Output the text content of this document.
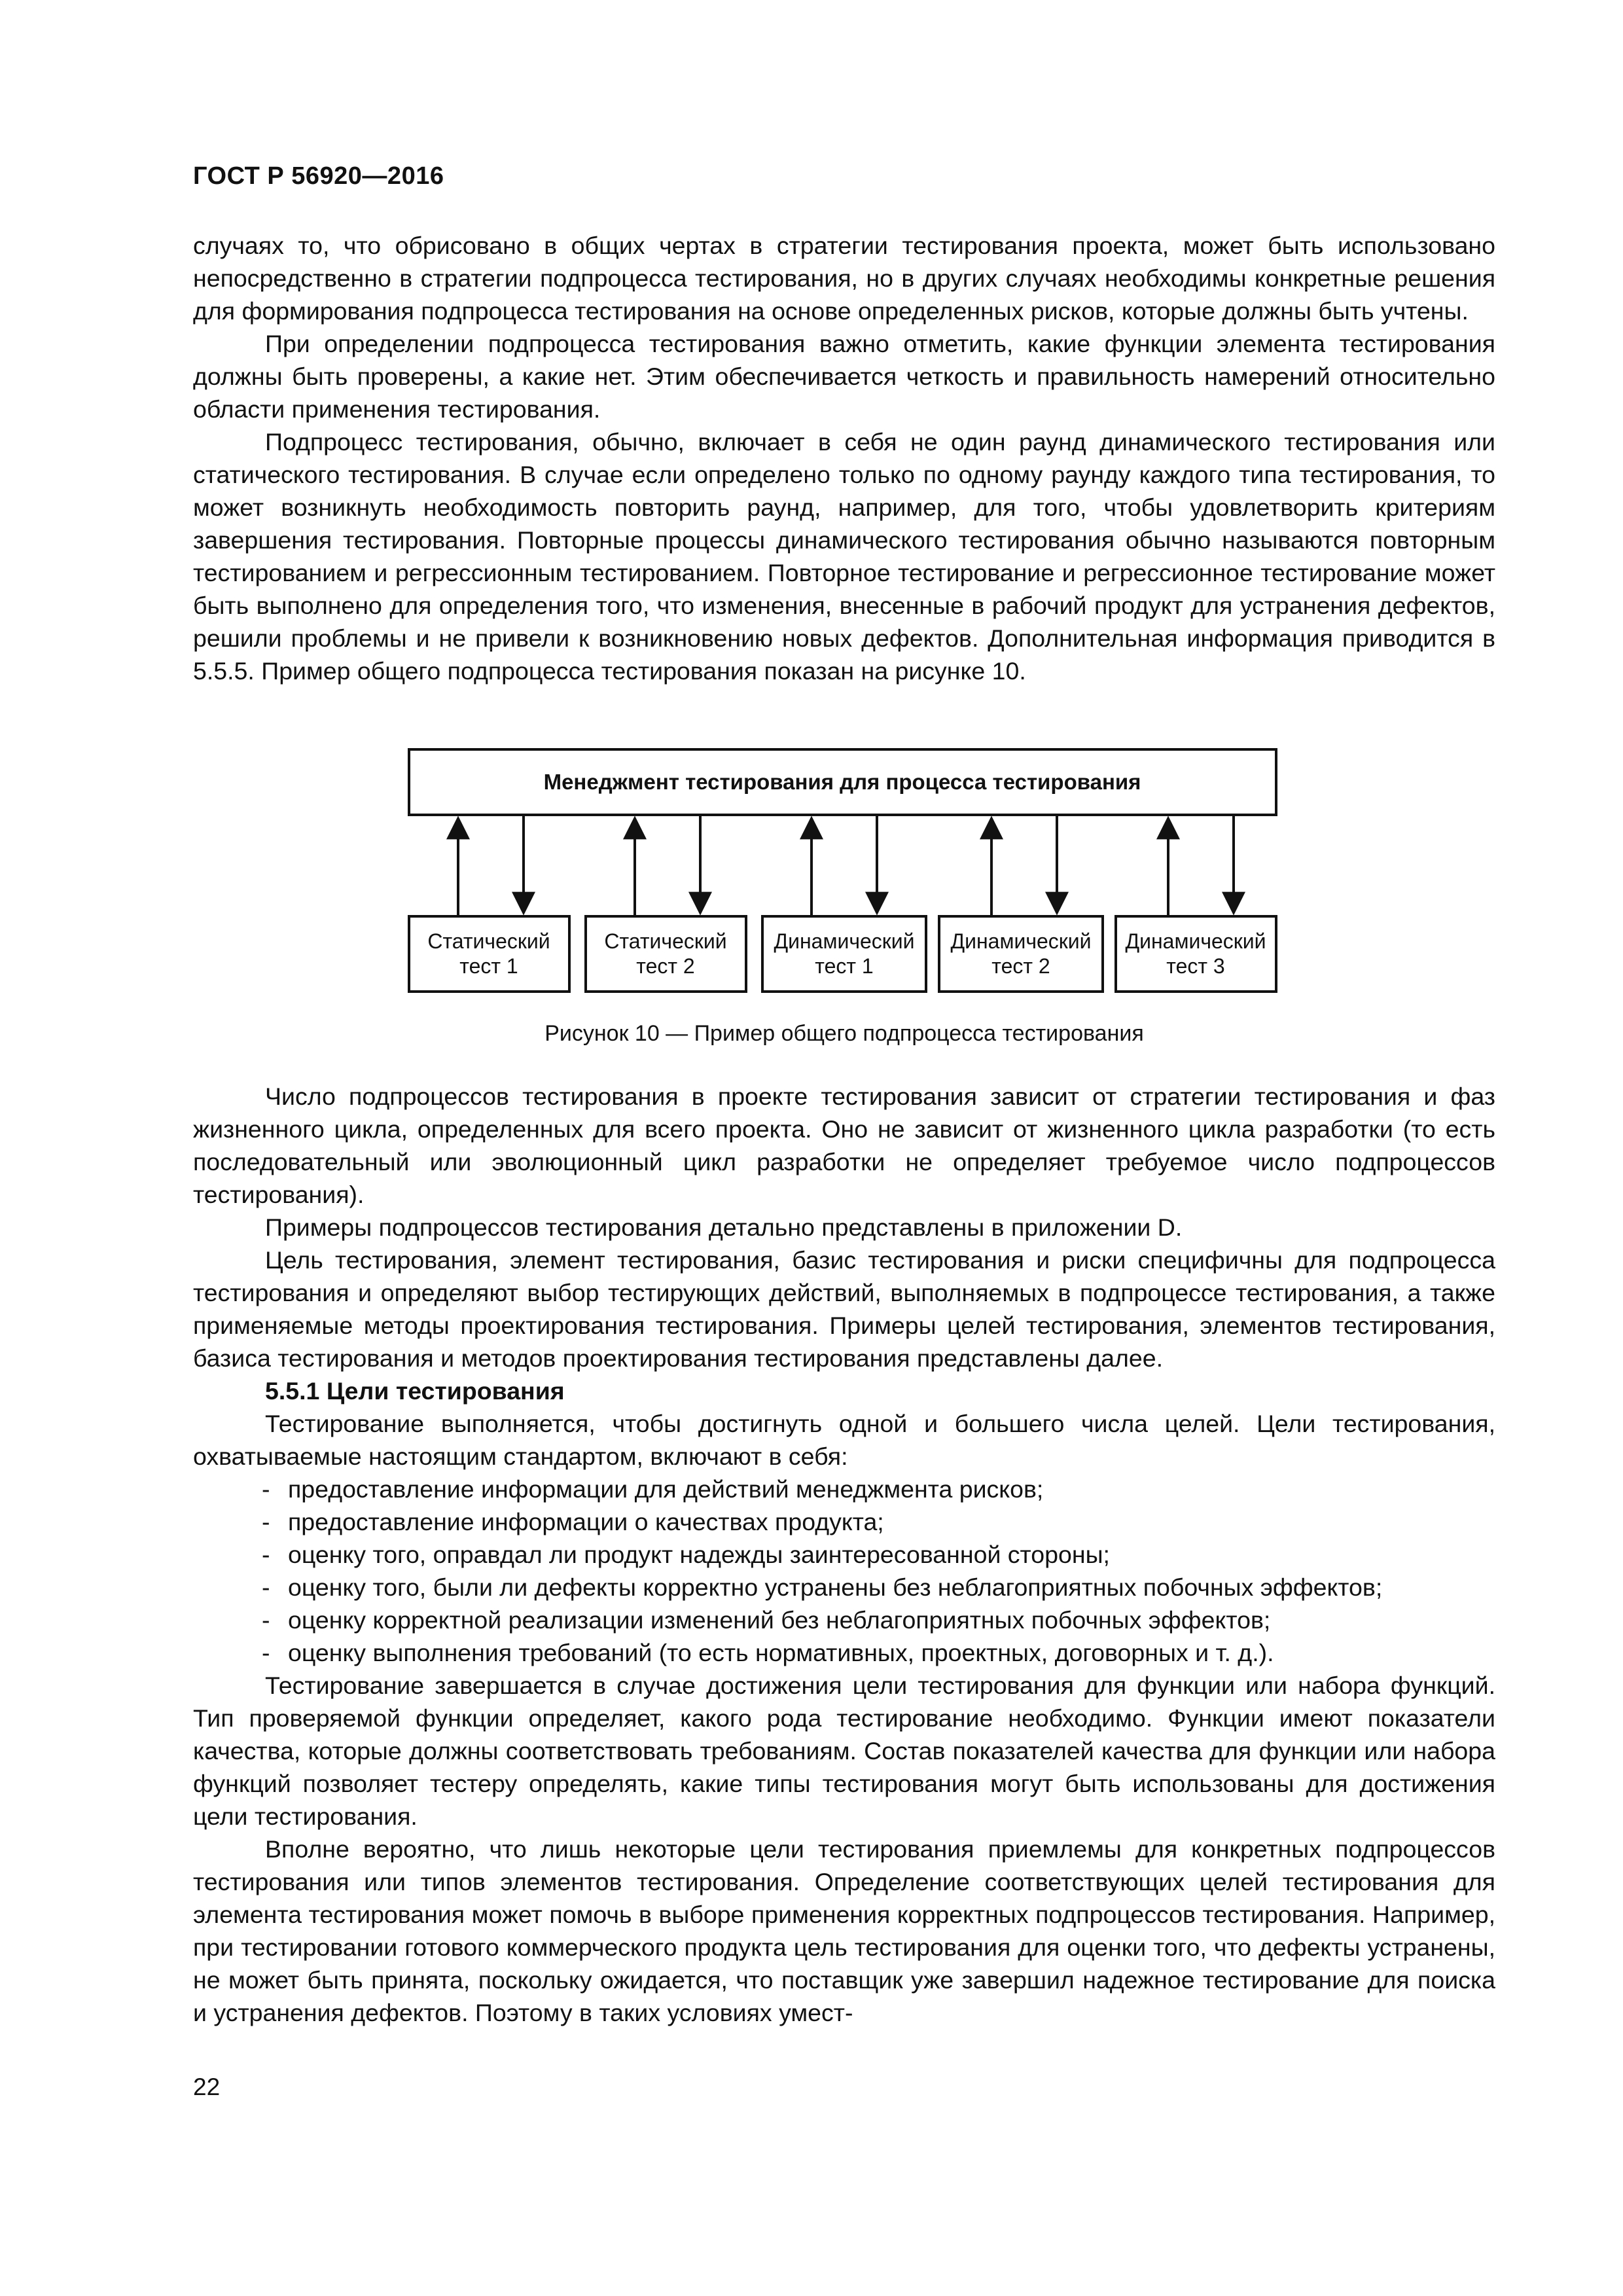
ГОСТ Р 56920—2016

случаях то, что обрисовано в общих чертах в стратегии тестирования проекта, может быть использовано непосредственно в стратегии подпроцесса тестирования, но в других случаях необходимы конкретные решения для формирования подпроцесса тестирования на основе определенных рисков, которые должны быть учтены.

При определении подпроцесса тестирования важно отметить, какие функции элемента тестирования должны быть проверены, а какие нет. Этим обеспечивается четкость и правильность намерений относительно области применения тестирования.

Подпроцесс тестирования, обычно, включает в себя не один раунд динамического тестирования или статического тестирования. В случае если определено только по одному раунду каждого типа тестирования, то может возникнуть необходимость повторить раунд, например, для того, чтобы удовлетворить критериям завершения тестирования. Повторные процессы динамического тестирования обычно называются повторным тестированием и регрессионным тестированием. Повторное тестирование и регрессионное тестирование может быть выполнено для определения того, что изменения, внесенные в рабочий продукт для устранения дефектов, решили проблемы и не привели к возникновению новых дефектов. Дополнительная информация приводится в 5.5.5. Пример общего подпроцесса тестирования показан на рисунке 10.

Менеджмент тестирования для процесса тестирования
Статический
тест 1
Статический
тест 2
Динамический
тест 1
Динамический
тест 2
Динамический
тест 3
Рисунок 10 — Пример общего подпроцесса тестирования

Число подпроцессов тестирования в проекте тестирования зависит от стратегии тестирования и фаз жизненного цикла, определенных для всего проекта. Оно не зависит от жизненного цикла разработки (то есть последовательный или эволюционный цикл разработки не определяет требуемое число подпроцессов тестирования).

Примеры подпроцессов тестирования детально представлены в приложении D.

Цель тестирования, элемент тестирования, базис тестирования и риски специфичны для подпроцесса тестирования и определяют выбор тестирующих действий, выполняемых в подпроцессе тестирования, а также применяемые методы проектирования тестирования. Примеры целей тестирования, элементов тестирования, базиса тестирования и методов проектирования тестирования представлены далее.

5.5.1 Цели тестирования

Тестирование выполняется, чтобы достигнуть одной и большего числа целей. Цели тестирования, охватываемые настоящим стандартом, включают в себя:

- предоставление информации для действий менеджмента рисков;
- предоставление информации о качествах продукта;
- оценку того, оправдал ли продукт надежды заинтересованной стороны;
- оценку того, были ли дефекты корректно устранены без неблагоприятных побочных эффектов;
- оценку корректной реализации изменений без неблагоприятных побочных эффектов;
- оценку выполнения требований (то есть нормативных, проектных, договорных и т. д.).

Тестирование завершается в случае достижения цели тестирования для функции или набора функций. Тип проверяемой функции определяет, какого рода тестирование необходимо. Функции имеют показатели качества, которые должны соответствовать требованиям. Состав показателей качества для функции или набора функций позволяет тестеру определять, какие типы тестирования могут быть использованы для достижения цели тестирования.

Вполне вероятно, что лишь некоторые цели тестирования приемлемы для конкретных подпроцессов тестирования или типов элементов тестирования. Определение соответствующих целей тестирования для элемента тестирования может помочь в выборе применения корректных подпроцессов тестирования. Например, при тестировании готового коммерческого продукта цель тестирования для оценки того, что дефекты устранены, не может быть принята, поскольку ожидается, что поставщик уже завершил надежное тестирование для поиска и устранения дефектов. Поэтому в таких условиях умест-

22
